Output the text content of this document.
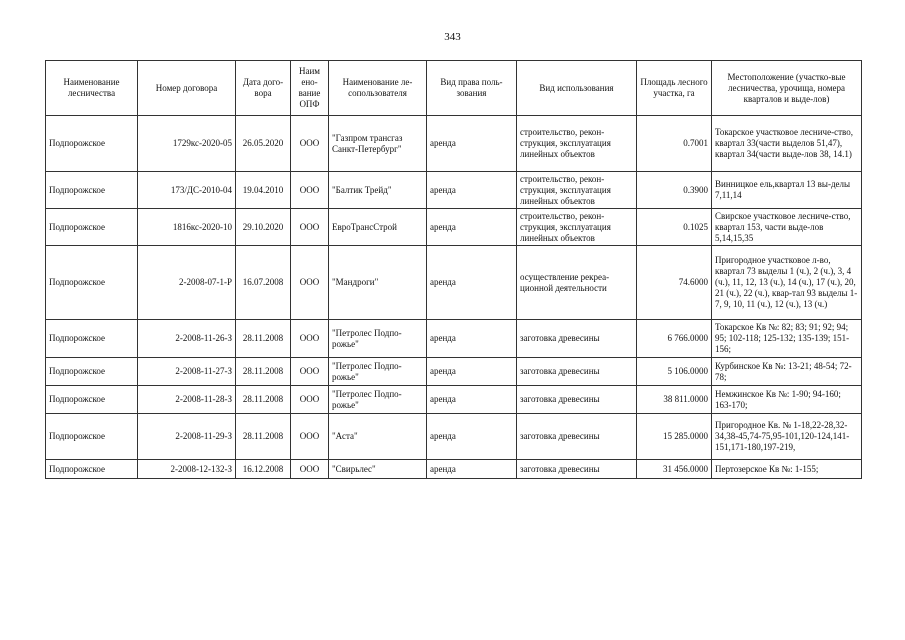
343
Наименование лесничества	Номер договора	Дата дого-вора	Наим ено-вание ОПФ	Наименование ле-сопользователя	Вид права поль-зования	Вид использования	Площадь лесного участка, га	Местоположение (участко-вые лесничества, урочища, номера кварталов и выде-лов)
Подпорожское	1729кс-2020-05	26.05.2020	ООО	"Газпром трансгаз Санкт-Петербург"	аренда	строительство, рекон-струкция, эксплуатация линейных объектов	0.7001	Токарское участковое лесниче-ство, квартал 33(части выделов 51,47), квартал 34(части выде-лов 38, 14.1)
Подпорожское	173/ДС-2010-04	19.04.2010	ООО	"Балтик Трейд"	аренда	строительство, рекон-струкция, эксплуатация линейных объектов	0.3900	Винницкое ель,квартал 13 вы-делы 7,11,14
Подпорожское	1816кс-2020-10	29.10.2020	ООО	ЕвроТрансСтрой	аренда	строительство, рекон-струкция, эксплуатация линейных объектов	0.1025	Свирское участковое лесниче-ство, квартал 153, части выде-лов 5,14,15,35
Подпорожское	2-2008-07-1-Р	16.07.2008	ООО	"Мандроги"	аренда	осуществление рекреа-ционной деятельности	74.6000	Пригородное участковое л-во, квартал 73 выделы 1 (ч.), 2 (ч.), 3, 4 (ч.), 11, 12, 13 (ч.), 14 (ч.), 17 (ч.), 20, 21 (ч.), 22 (ч.), квар-тал 93 выделы 1-7, 9, 10, 11 (ч.), 12 (ч.), 13 (ч.)
Подпорожское	2-2008-11-26-З	28.11.2008	ООО	"Петролес Подпо-рожье"	аренда	заготовка древесины	6 766.0000	Токарское Кв №: 82; 83; 91; 92; 94; 95; 102-118; 125-132; 135-139; 151-156;
Подпорожское	2-2008-11-27-З	28.11.2008	ООО	"Петролес Подпо-рожье"	аренда	заготовка древесины	5 106.0000	Курбинское Кв №: 13-21; 48-54; 72-78;
Подпорожское	2-2008-11-28-З	28.11.2008	ООО	"Петролес Подпо-рожье"	аренда	заготовка древесины	38 811.0000	Немжинское Кв №: 1-90; 94-160; 163-170;
Подпорожское	2-2008-11-29-З	28.11.2008	ООО	"Аста"	аренда	заготовка древесины	15 285.0000	Пригородное Кв. № 1-18,22-28,32-34,38-45,74-75,95-101,120-124,141-151,171-180,197-219,
Подпорожское	2-2008-12-132-З	16.12.2008	ООО	"Свирьлес"	аренда	заготовка древесины	31 456.0000	Пертозерское Кв №: 1-155;
